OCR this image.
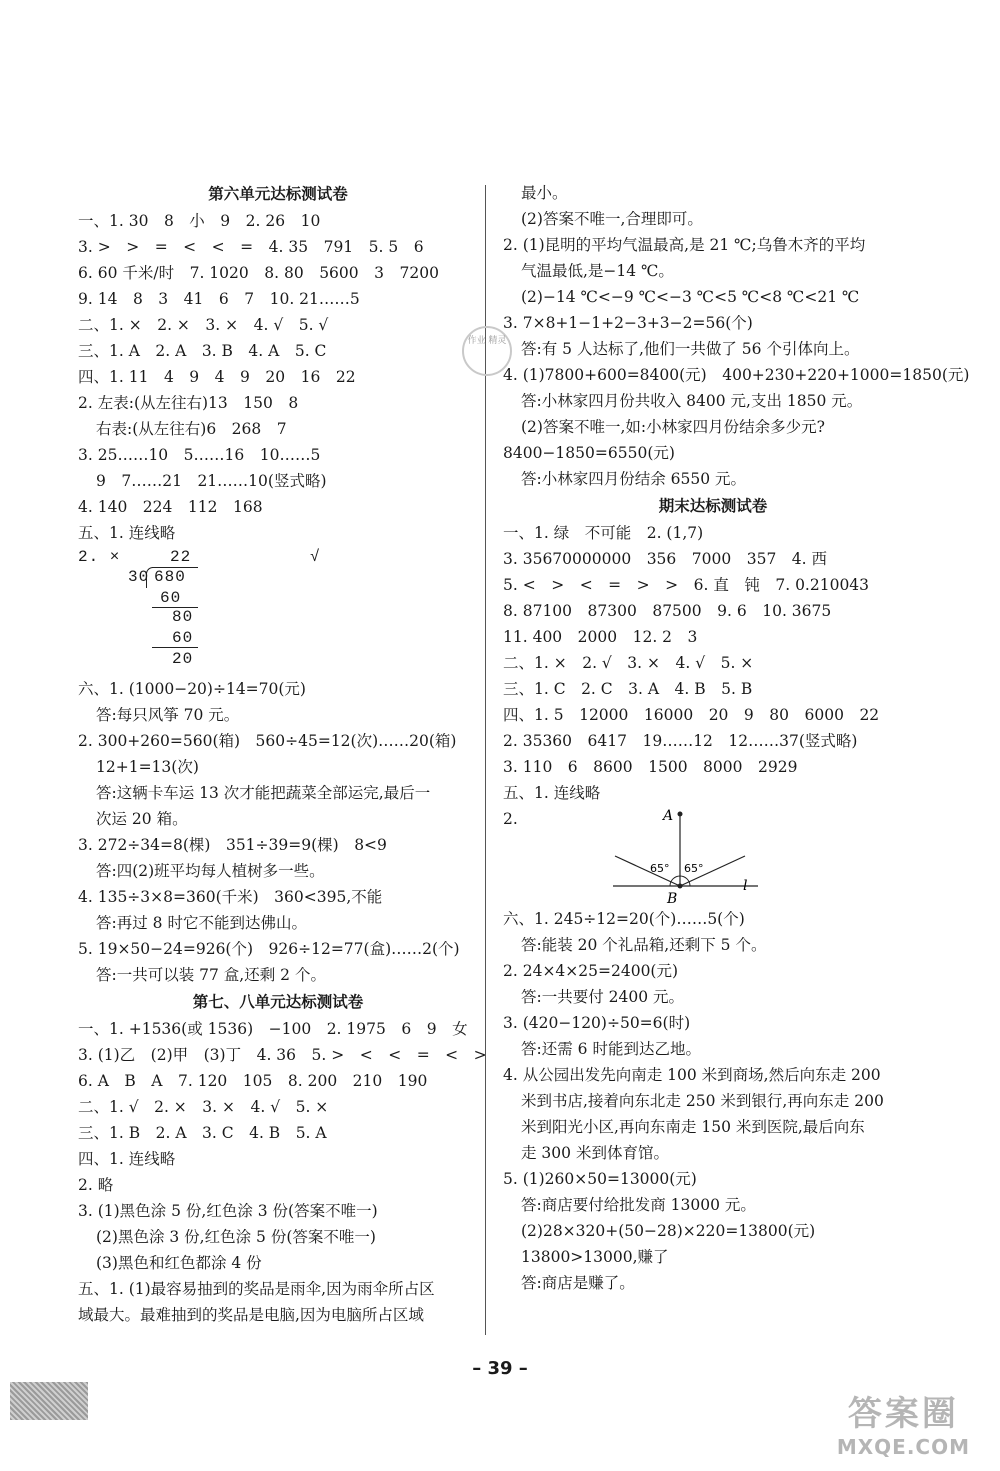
第六单元达标测试卷
一、1. 30　8　小　9　2. 26　10
3. >　>　=　<　<　=　4. 35　791　5. 5　6
6. 60 千米/时　7. 1020　8. 80　5600　3　7200
9. 14　8　3　41　6　7　10. 21……5
二、1. ×　2. ×　3. ×　4. √　5. √
三、1. A　2. A　3. B　4. A　5. C
四、1. 11　4　9　4　9　20　16　22
2. 左表:(从左往右)13　150　8
右表:(从左往右)6　268　7
3. 25……10　5……16　10……5
9　7……21　21……10(竖式略)
4. 140　224　112　168
五、1. 连线略
2. ×	√
22
30 680
60
80
60
20
六、1. (1000−20)÷14=70(元)
答:每只风筝 70 元。
2. 300+260=560(箱)　560÷45=12(次)……20(箱)
12+1=13(次)
答:这辆卡车运 13 次才能把蔬菜全部运完,最后一
次运 20 箱。
3. 272÷34=8(棵)　351÷39=9(棵)　8<9
答:四(2)班平均每人植树多一些。
4. 135÷3×8=360(千米)　360<395,不能
答:再过 8 时它不能到达佛山。
5. 19×50−24=926(个)　926÷12=77(盒)……2(个)
答:一共可以装 77 盒,还剩 2 个。
第七、八单元达标测试卷
一、1. +1536(或 1536)　−100　2. 1975　6　9　女
3. (1)乙　(2)甲　(3)丁　4. 36　5. >　<　<　=　<　>
6. A　B　A　7. 120　105　8. 200　210　190
二、1. √　2. ×　3. ×　4. √　5. ×
三、1. B　2. A　3. C　4. B　5. A
四、1. 连线略
2. 略
3. (1)黑色涂 5 份,红色涂 3 份(答案不唯一)
(2)黑色涂 3 份,红色涂 5 份(答案不唯一)
(3)黑色和红色都涂 4 份
五、1. (1)最容易抽到的奖品是雨伞,因为雨伞所占区
域最大。最难抽到的奖品是电脑,因为电脑所占区域
最小。
(2)答案不唯一,合理即可。
2. (1)昆明的平均气温最高,是 21 ℃;乌鲁木齐的平均
气温最低,是−14 ℃。
(2)−14 ℃<−9 ℃<−3 ℃<5 ℃<8 ℃<21 ℃
3. 7×8+1−1+2−3+3−2=56(个)
答:有 5 人达标了,他们一共做了 56 个引体向上。
4. (1)7800+600=8400(元)　400+230+220+1000=1850(元)
答:小林家四月份共收入 8400 元,支出 1850 元。
(2)答案不唯一,如:小林家四月份结余多少元?
8400−1850=6550(元)
答:小林家四月份结余 6550 元。
期末达标测试卷
一、1. 绿　不可能　2. (1,7)
3. 35670000000　356　7000　357　4. 西
5. <　>　<　=　>　>　6. 直　钝　7. 0.210043
8. 87100　87300　87500　9. 6　10. 3675
11. 400　2000　12. 2　3
二、1. ×　2. √　3. ×　4. √　5. ×
三、1. C　2. C　3. A　4. B　5. B
四、1. 5　12000　16000　20　9　80　6000　22
2. 35360　6417　19……12　12……37(竖式略)
3. 110　6　8600　1500　8000　2929
五、1. 连线略
2.	A
B
l
65° 65°
六、1. 245÷12=20(个)……5(个)
答:能装 20 个礼品箱,还剩下 5 个。
2. 24×4×25=2400(元)
答:一共要付 2400 元。
3. (420−120)÷50=6(时)
答:还需 6 时能到达乙地。
4. 从公园出发先向南走 100 米到商场,然后向东走 200
米到书店,接着向东北走 250 米到银行,再向东走 200
米到阳光小区,再向东南走 150 米到医院,最后向东
走 300 米到体育馆。
5. (1)260×50=13000(元)
答:商店要付给批发商 13000 元。
(2)28×320+(50−28)×220=13800(元)
13800>13000,赚了
答:商店是赚了。
作业 精灵
– 39 –
答案圈
MXQE.COM
